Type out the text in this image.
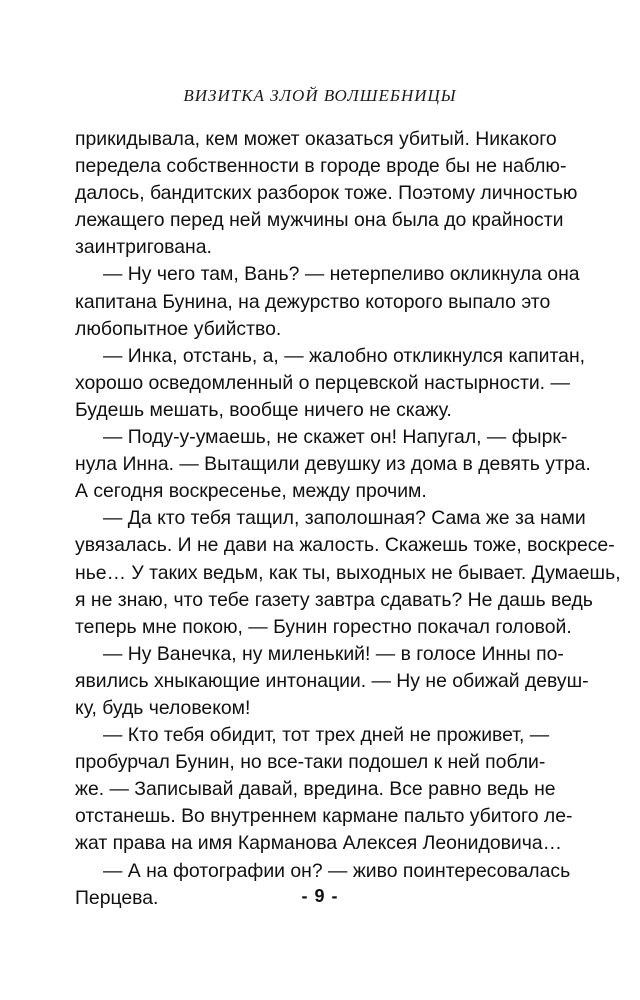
ВИЗИТКА ЗЛОЙ ВОЛШЕБНИЦЫ
прикидывала, кем может оказаться убитый. Никакого
передела собственности в городе вроде бы не наблю-
далось, бандитских разборок тоже. Поэтому личностью
лежащего перед ней мужчины она была до крайности
заинтригована.
— Ну чего там, Вань? — нетерпеливо окликнула она
капитана Бунина, на дежурство которого выпало это
любопытное убийство.
— Инка, отстань, а, — жалобно откликнулся капитан,
хорошо осведомленный о перцевской настырности. —
Будешь мешать, вообще ничего не скажу.
— Поду-у-умаешь, не скажет он! Напугал, — фырк-
нула Инна. — Вытащили девушку из дома в девять утра.
А сегодня воскресенье, между прочим.
— Да кто тебя тащил, заполошная? Сама же за нами
увязалась. И не дави на жалость. Скажешь тоже, воскресе-
нье… У таких ведьм, как ты, выходных не бывает. Думаешь,
я не знаю, что тебе газету завтра сдавать? Не дашь ведь
теперь мне покою, — Бунин горестно покачал головой.
— Ну Ванечка, ну миленький! — в голосе Инны по-
явились хныкающие интонации. — Ну не обижай девуш-
ку, будь человеком!
— Кто тебя обидит, тот трех дней не проживет, —
пробурчал Бунин, но все-таки подошел к ней побли-
же. — Записывай давай, вредина. Все равно ведь не
отстанешь. Во внутреннем кармане пальто убитого ле-
жат права на имя Карманова Алексея Леонидовича…
— А на фотографии он? — живо поинтересовалась
Перцева.	- 9 -
